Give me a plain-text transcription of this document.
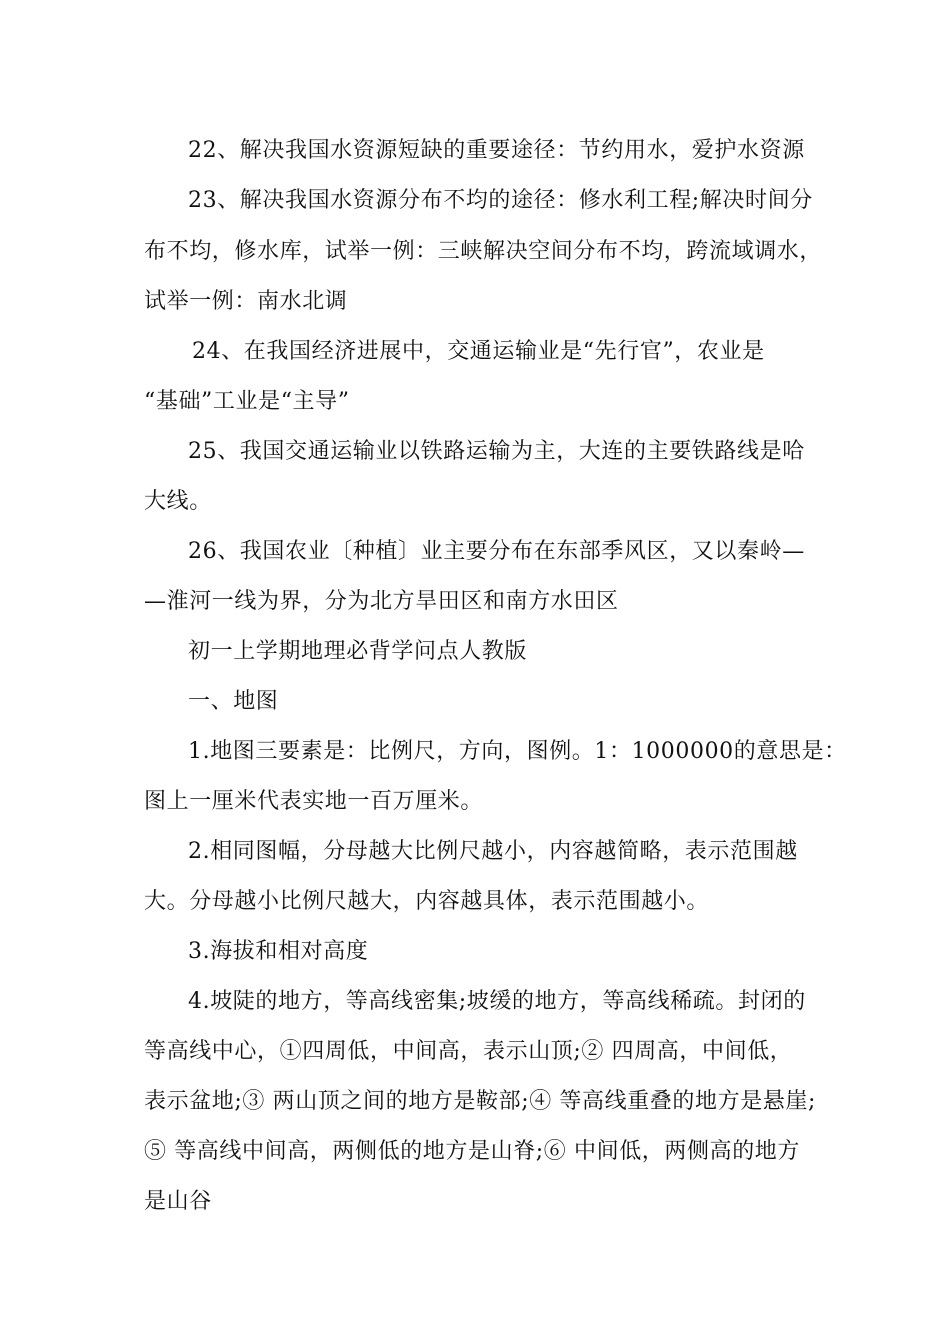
22、解决我国水资源短缺的重要途径：节约用水，爱护水资源
23、解决我国水资源分布不均的途径：修水利工程;解决时间分
布不均，修水库，试举一例：三峡解决空间分布不均，跨流域调水，
试举一例：南水北调
24、在我国经济进展中，交通运输业是“先行官”，农业是
“基础”工业是“主导”
25、我国交通运输业以铁路运输为主，大连的主要铁路线是哈
大线。
26、我国农业〔种植〕业主要分布在东部季风区，又以秦岭—
—淮河一线为界，分为北方旱田区和南方水田区
初一上学期地理必背学问点人教版
一、地图
1.地图三要素是：比例尺，方向，图例。1：1000000的意思是：
图上一厘米代表实地一百万厘米。
2.相同图幅，分母越大比例尺越小，内容越简略，表示范围越
大。分母越小比例尺越大，内容越具体，表示范围越小。
3.海拔和相对高度
4.坡陡的地方，等高线密集;坡缓的地方，等高线稀疏。封闭的
等高线中心，①四周低，中间高，表示山顶;② 四周高，中间低，
表示盆地;③ 两山顶之间的地方是鞍部;④ 等高线重叠的地方是悬崖;
⑤ 等高线中间高，两侧低的地方是山脊;⑥ 中间低，两侧高的地方
是山谷
